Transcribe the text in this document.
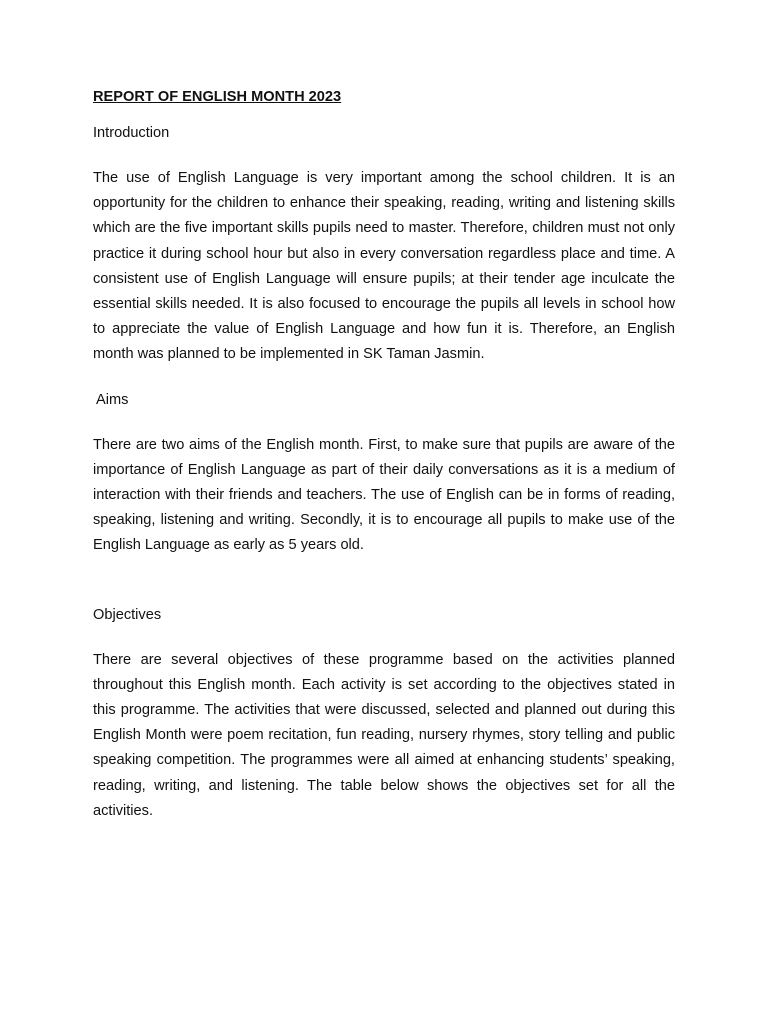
REPORT OF ENGLISH MONTH 2023
Introduction

The use of English Language is very important among the school children. It is an opportunity for the children to enhance their speaking, reading, writing and listening skills which are the five important skills pupils need to master. Therefore, children must not only practice it during school hour but also in every conversation regardless place and time. A consistent use of English Language will ensure pupils; at their tender age inculcate the essential skills needed. It is also focused to encourage the pupils all levels in school how to appreciate the value of English Language and how fun it is. Therefore, an English month was planned to be implemented in SK Taman Jasmin.

Aims

There are two aims of the English month. First, to make sure that pupils are aware of the importance of English Language as part of their daily conversations as it is a medium of interaction with their friends and teachers. The use of English can be in forms of reading, speaking, listening and writing. Secondly, it is to encourage all pupils to make use of the English Language as early as 5 years old.

Objectives

There are several objectives of these programme based on the activities planned throughout this English month. Each activity is set according to the objectives stated in this programme. The activities that were discussed, selected and planned out during this English Month were poem recitation, fun reading, nursery rhymes, story telling and public speaking competition. The programmes were all aimed at enhancing students’ speaking, reading, writing, and listening. The table below shows the objectives set for all the activities.
